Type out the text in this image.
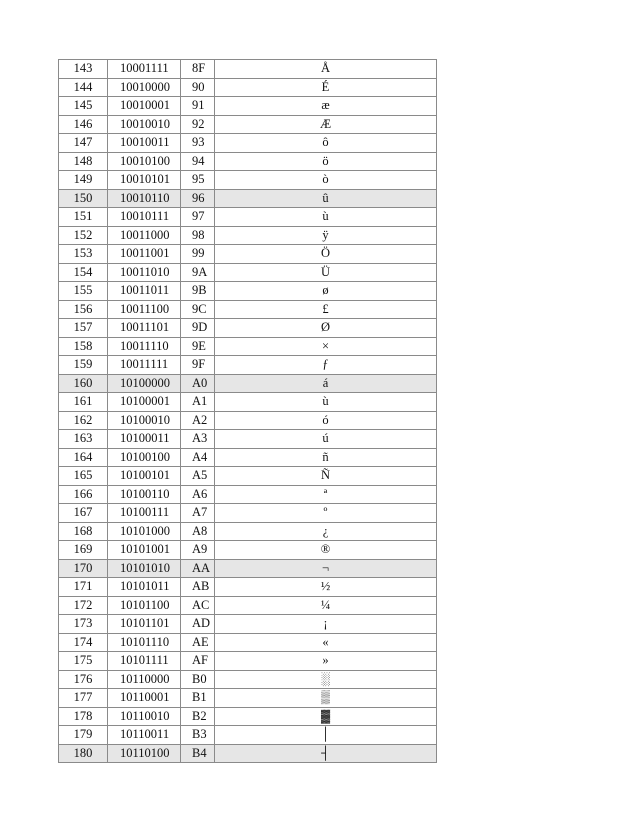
143	10001111	8F	Å
144	10010000	90	É
145	10010001	91	æ
146	10010010	92	Æ
147	10010011	93	ô
148	10010100	94	ö
149	10010101	95	ò
150	10010110	96	û
151	10010111	97	ù
152	10011000	98	ÿ
153	10011001	99	Ö
154	10011010	9A	Ü
155	10011011	9B	ø
156	10011100	9C	£
157	10011101	9D	Ø
158	10011110	9E	×
159	10011111	9F	ƒ
160	10100000	A0	á
161	10100001	A1	ù
162	10100010	A2	ó
163	10100011	A3	ú
164	10100100	A4	ñ
165	10100101	A5	Ñ
166	10100110	A6	ª
167	10100111	A7	º
168	10101000	A8	¿
169	10101001	A9	®
170	10101010	AA	¬
171	10101011	AB	½
172	10101100	AC	¼
173	10101101	AD	¡
174	10101110	AE	«
175	10101111	AF	»
176	10110000	B0	░
177	10110001	B1	▒
178	10110010	B2	▓
179	10110011	B3	│
180	10110100	B4	┤
